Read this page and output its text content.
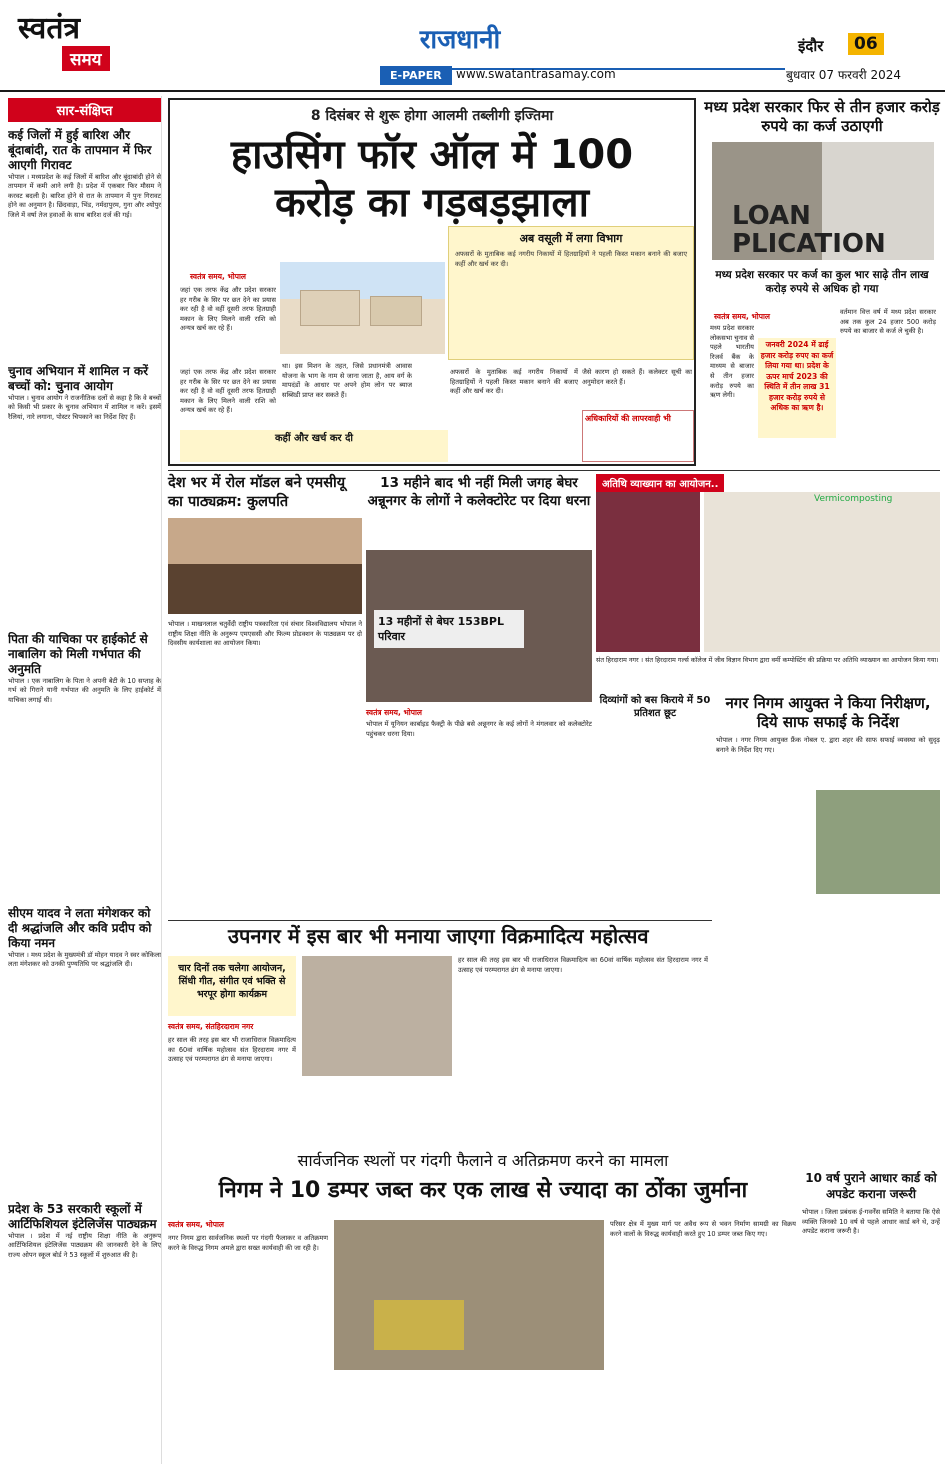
स्वतंत्र
समय
राजधानी
E-PAPER	www.swatantrasamay.com
इंदौर	06
बुधवार 07 फरवरी 2024
सार-संक्षिप्त
कई जिलों में हुई बारिश और बूंदाबांदी, रात के तापमान में फिर आएगी गिरावट

भोपाल । मध्यप्रदेश के कई जिलों में बारिश और बूंदाबांदी होने से तापमान में कमी आने लगी है। प्रदेश में एकबार फिर मौसम ने करवट बदली है। बारिश होने से रात के तापमान में पुनः गिरावट होने का अनुमान है। छिंदवाड़ा, भिंड, नर्मदापुरम, गुना और श्योपुर जिले में वर्षा तेज हवाओं के साथ बारिश दर्ज की गई।

चुनाव अभियान में शामिल न करें बच्चों को: चुनाव आयोग

भोपाल । चुनाव आयोग ने राजनीतिक दलों से कहा है कि वे बच्चों को किसी भी प्रकार के चुनाव अभियान में शामिल न करें। इसमें रैलियां, नारे लगाना, पोस्टर चिपकाने का निर्देश दिए हैं।

पिता की याचिका पर हाईकोर्ट से नाबालिग को मिली गर्भपात की अनुमति

भोपाल । एक नाबालिग के पिता ने अपनी बेटी के 10 सप्ताह के गर्भ को गिराने यानी गर्भपात की अनुमति के लिए हाईकोर्ट में याचिका लगाई थी।

सीएम यादव ने लता मंगेशकर को दी श्रद्धांजलि और कवि प्रदीप को किया नमन

भोपाल । मध्य प्रदेश के मुख्यमंत्री डॉ मोहन यादव ने स्वर कोकिला लता मंगेशकर को उनकी पुण्यतिथि पर श्रद्धांजलि दी।

प्रदेश के 53 सरकारी स्कूलों में आर्टिफिशियल इंटेलिजेंस पाठ्यक्रम

भोपाल । प्रदेश में नई राष्ट्रीय शिक्षा नीति के अनुरूप आर्टिफिशियल इंटेलिजेंस पाठ्यक्रम की जानकारी देने के लिए राज्य ओपन स्कूल बोर्ड ने 53 स्कूलों में शुरुआत की है।

8 दिसंबर से शुरू होगा आलमी तब्लीगी इज्तिमा
हाउसिंग फॉर ऑल में 100 करोड़ का गड़बड़झाला
स्वतंत्र समय, भोपाल
जहां एक तरफ केंद्र और प्रदेश सरकार हर गरीब के सिर पर छत देने का प्रयास कर रही है वो वहीं दूसरी तरफ हितग्राही मकान के लिए मिलने वाली राशि को अन्यत्र खर्च कर रहे हैं।
जहां एक तरफ केंद्र और प्रदेश सरकार हर गरीब के सिर पर छत देने का प्रयास कर रही है वो वहीं दूसरी तरफ हितग्राही मकान के लिए मिलने वाली राशि को अन्यत्र खर्च कर रहे हैं।
था। इस मिशन के तहत, जिसे प्रधानमंत्री आवास योजना के भाग के नाम से जाना जाता है, आय वर्ग के मापदंडों के आधार पर अपने होम लोन पर ब्याज सब्सिडी प्राप्त कर सकते हैं।
अब वसूली में लगा विभाग
अफसरों के मुताबिक कई नगरीय निकायों में हितग्राहियों ने पहली किस्त मकान बनाने की बजाए कहीं और खर्च कर दी।
अफसरों के मुताबिक कई नगरीय निकायों में हितग्राहियों ने पहली किस्त मकान बनाने की बजाए कहीं और खर्च कर दी।
जैसे कारण हो सकते हैं। कलेक्टर सूची का अनुमोदन करते हैं।
अधिकारियों की लापरवाही भी
कहीं और खर्च कर दी
मध्य प्रदेश सरकार फिर से तीन हजार करोड़ रुपये का कर्ज उठाएगी
LOAN PLICATION
मध्य प्रदेश सरकार पर कर्ज का कुल भार साढ़े तीन लाख करोड़ रुपये से अधिक हो गया
स्वतंत्र समय, भोपाल
मध्य प्रदेश सरकार लोकसभा चुनाव से पहले भारतीय रिजर्व बैंक के माध्यम से बाजार से तीन हजार करोड़ रुपये का ऋण लेगी।
जनवरी 2024 में ढाई हजार करोड़ रुपए का कर्ज लिया गया था। प्रदेश के ऊपर मार्च 2023 की स्थिति में तीन लाख 31 हजार करोड़ रुपये से अधिक का ऋण है।
वर्तमान वित्त वर्ष में मध्य प्रदेश सरकार अब तक कुल 24 हजार 500 करोड़ रुपये का बाजार से कर्ज ले चुकी है।
देश भर में रोल मॉडल बने एमसीयू का पाठ्यक्रम: कुलपति
भोपाल । माखनलाल चतुर्वेदी राष्ट्रीय पत्रकारिता एवं संचार विश्वविद्यालय भोपाल ने राष्ट्रीय शिक्षा नीति के अनुरूप एमएससी और फिल्म प्रोडक्शन के पाठ्यक्रम पर दो दिवसीय कार्यशाला का आयोजन किया।
13 महीने बाद भी नहीं मिली जगह बेघर अन्नूनगर के लोगों ने कलेक्टोरेट पर दिया धरना
13 महीनों से बेघर 153BPL परिवार
स्वतंत्र समय, भोपाल
भोपाल में यूनियन कार्बाइड फैक्ट्री के पीछे बसे अन्नूनगर के कई लोगों ने मंगलवार को कलेक्टोरेट पहुंचकर धरना दिया।
अतिथि व्याख्यान का आयोजन..
Vermicomposting
संत हिरदाराम नगर । संत हिरदाराम गर्ल्स कॉलेज में जीव विज्ञान विभाग द्वारा वर्मी कम्पोस्टिंग की प्रक्रिया पर अतिथि व्याख्यान का आयोजन किया गया।
दिव्यांगों को बस किराये में 50 प्रतिशत छूट
नगर निगम आयुक्त ने किया निरीक्षण, दिये साफ सफाई के निर्देश
भोपाल । नगर निगम आयुक्त फ्रैंक नोबल ए. द्वारा शहर की साफ सफाई व्यवस्था को सुदृढ़ बनाने के निर्देश दिए गए।
उपनगर में इस बार भी मनाया जाएगा विक्रमादित्य महोत्सव
चार दिनों तक चलेगा आयोजन, सिंधी गीत, संगीत एवं भक्ति से भरपूर होगा कार्यक्रम
स्वतंत्र समय, संतहिरदाराम नगर
हर साल की तरह इस बार भी राजाधिराज विक्रमादित्य का 60वां वार्षिक महोत्सव संत हिरदाराम नगर में उत्साह एवं परम्परागत ढंग से मनाया जाएगा।
हर साल की तरह इस बार भी राजाधिराज विक्रमादित्य का 60वां वार्षिक महोत्सव संत हिरदाराम नगर में उत्साह एवं परम्परागत ढंग से मनाया जाएगा।
सार्वजनिक स्थलों पर गंदगी फैलाने व अतिक्रमण करने का मामला
निगम ने 10 डम्पर जब्त कर एक लाख से ज्यादा का ठोंका जुर्माना
स्वतंत्र समय, भोपाल
नगर निगम द्वारा सार्वजनिक स्थलों पर गंदगी फैलाकर व अतिक्रमण करने के विरुद्ध निगम अमले द्वारा सख्त कार्यवाही की जा रही है।
परिसर क्षेत्र में मुख्य मार्ग पर अवैध रूप से भवन निर्माण सामग्री का विक्रय करने वालों के विरुद्ध कार्यवाही करते हुए 10 डम्पर जब्त किए गए।
10 वर्ष पुराने आधार कार्ड को अपडेट कराना जरूरी
भोपाल । जिला प्रबंधक ई-गवर्नेंस समिति ने बताया कि ऐसे व्यक्ति जिनको 10 वर्ष से पहले आधार कार्ड बने थे, उन्हें अपडेट कराना जरूरी है।
